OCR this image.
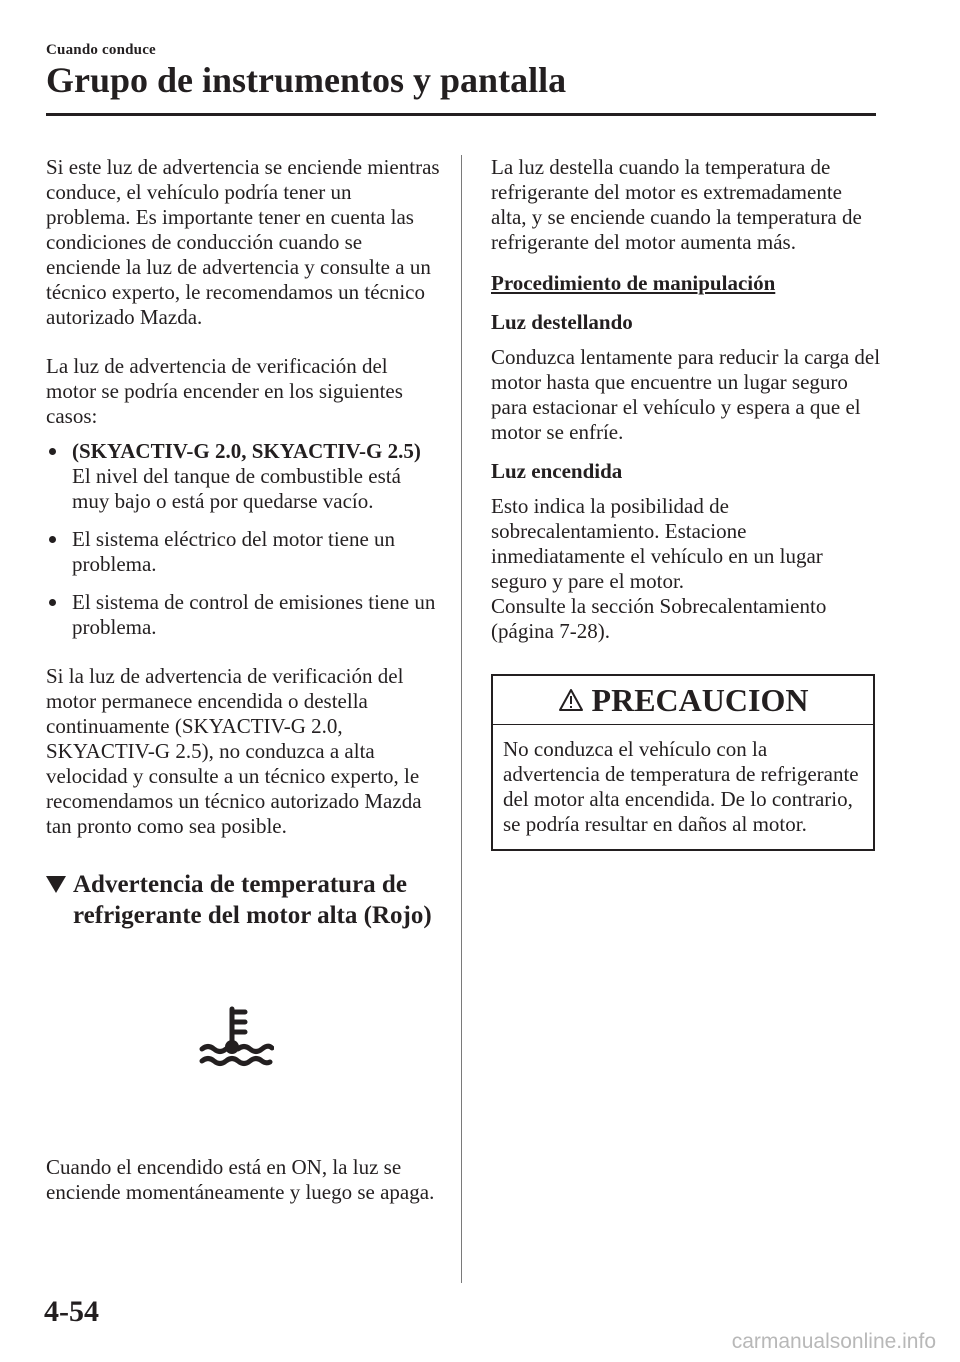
Cuando conduce
Grupo de instrumentos y pantalla

Si este luz de advertencia se enciende mientras conduce, el vehículo podría tener un problema. Es importante tener en cuenta las condiciones de conducción cuando se enciende la luz de advertencia y consulte a un técnico experto, le recomendamos un técnico autorizado Mazda.

La luz de advertencia de verificación del motor se podría encender en los siguientes casos:

(SKYACTIV-G 2.0, SKYACTIV-G 2.5)
El nivel del tanque de combustible está muy bajo o está por quedarse vacío.
El sistema eléctrico del motor tiene un problema.
El sistema de control de emisiones tiene un problema.

Si la luz de advertencia de verificación del motor permanece encendida o destella continuamente (SKYACTIV-G 2.0, SKYACTIV-G 2.5), no conduzca a alta velocidad y consulte a un técnico experto, le recomendamos un técnico autorizado Mazda tan pronto como sea posible.

Advertencia de temperatura de refrigerante del motor alta (Rojo)

Cuando el encendido está en ON, la luz se enciende momentáneamente y luego se apaga.

La luz destella cuando la temperatura de refrigerante del motor es extremadamente alta, y se enciende cuando la temperatura de refrigerante del motor aumenta más.

Procedimiento de manipulación

Luz destellando

Conduzca lentamente para reducir la carga del motor hasta que encuentre un lugar seguro para estacionar el vehículo y espera a que el motor se enfríe.

Luz encendida

Esto indica la posibilidad de sobrecalentamiento. Estacione inmediatamente el vehículo en un lugar seguro y pare el motor.

Consulte la sección Sobrecalentamiento (página 7-28).

PRECAUCION

No conduzca el vehículo con la advertencia de temperatura de refrigerante del motor alta encendida. De lo contrario, se podría resultar en daños al motor.

4-54
carmanualsonline.info
